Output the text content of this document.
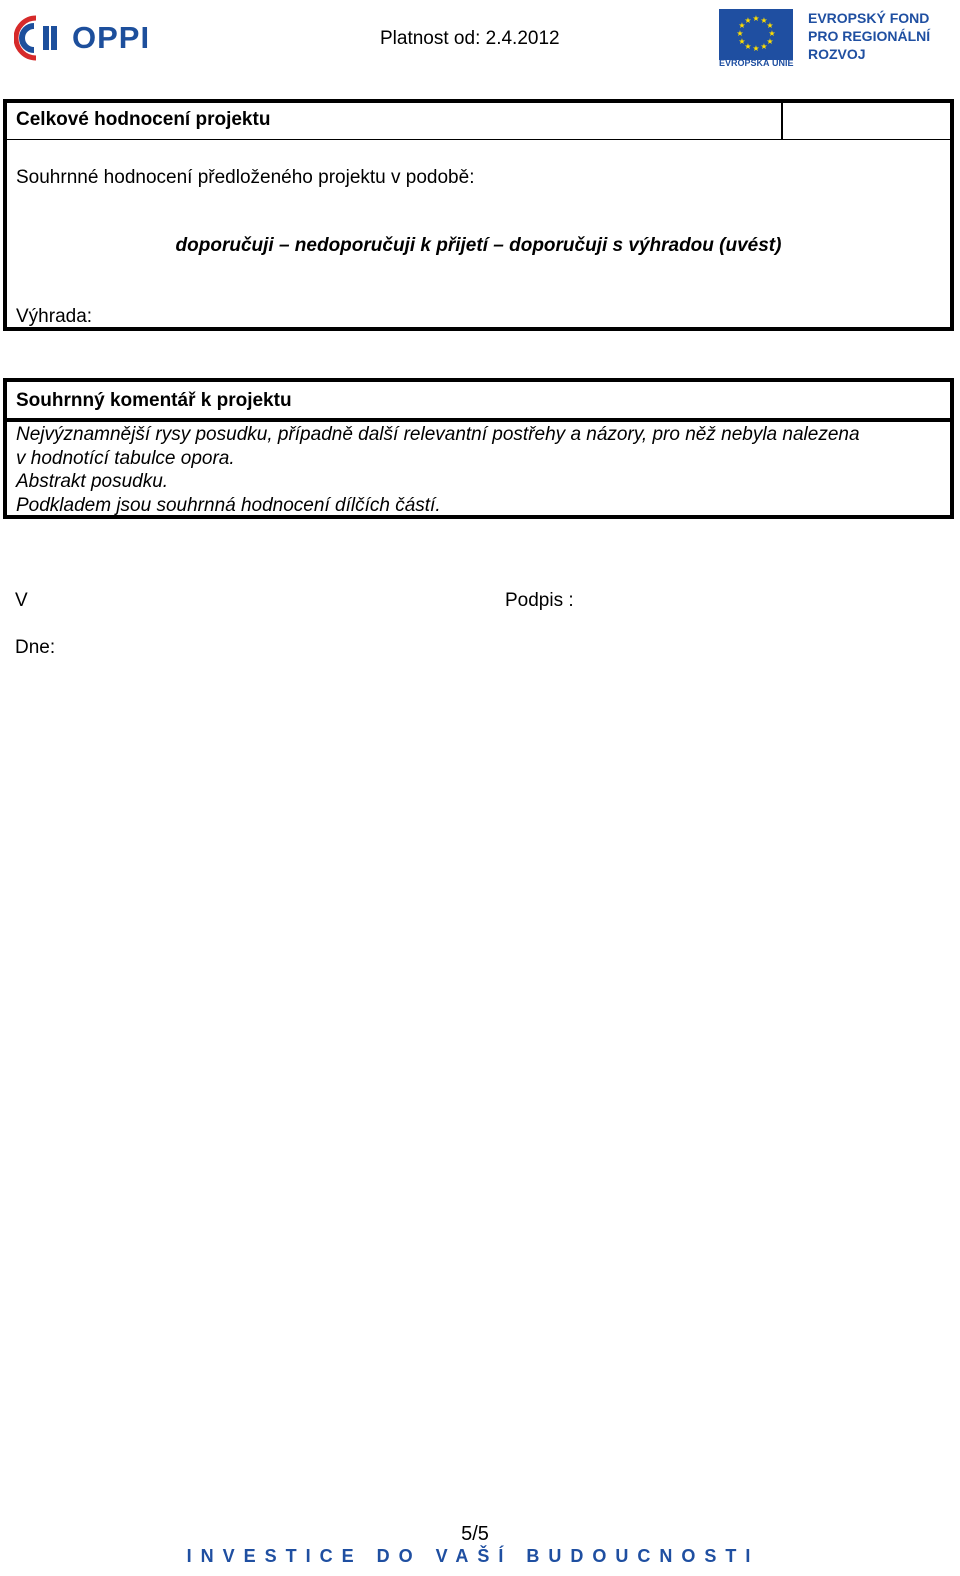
OPPI	Platnost od: 2.4.2012
★ ★
★
★
★
★
★
★
★
★
★
★
EVROPSKÁ UNIE
EVROPSKÝ FOND
PRO REGIONÁLNÍ
ROZVOJ
Celkové hodnocení projektu
Souhrnné hodnocení předloženého projektu v podobě:
doporučuji – nedoporučuji k přijetí – doporučuji s výhradou (uvést)
Výhrada:
Souhrnný komentář k projektu
Nejvýznamnější rysy posudku, případně další relevantní postřehy a názory, pro něž nebyla nalezena
v hodnotící tabulce opora.
Abstrakt posudku.
Podkladem jsou souhrnná hodnocení dílčích částí.
V	Podpis :
Dne:
5/5
INVESTICE DO VAŠÍ BUDOUCNOSTI
